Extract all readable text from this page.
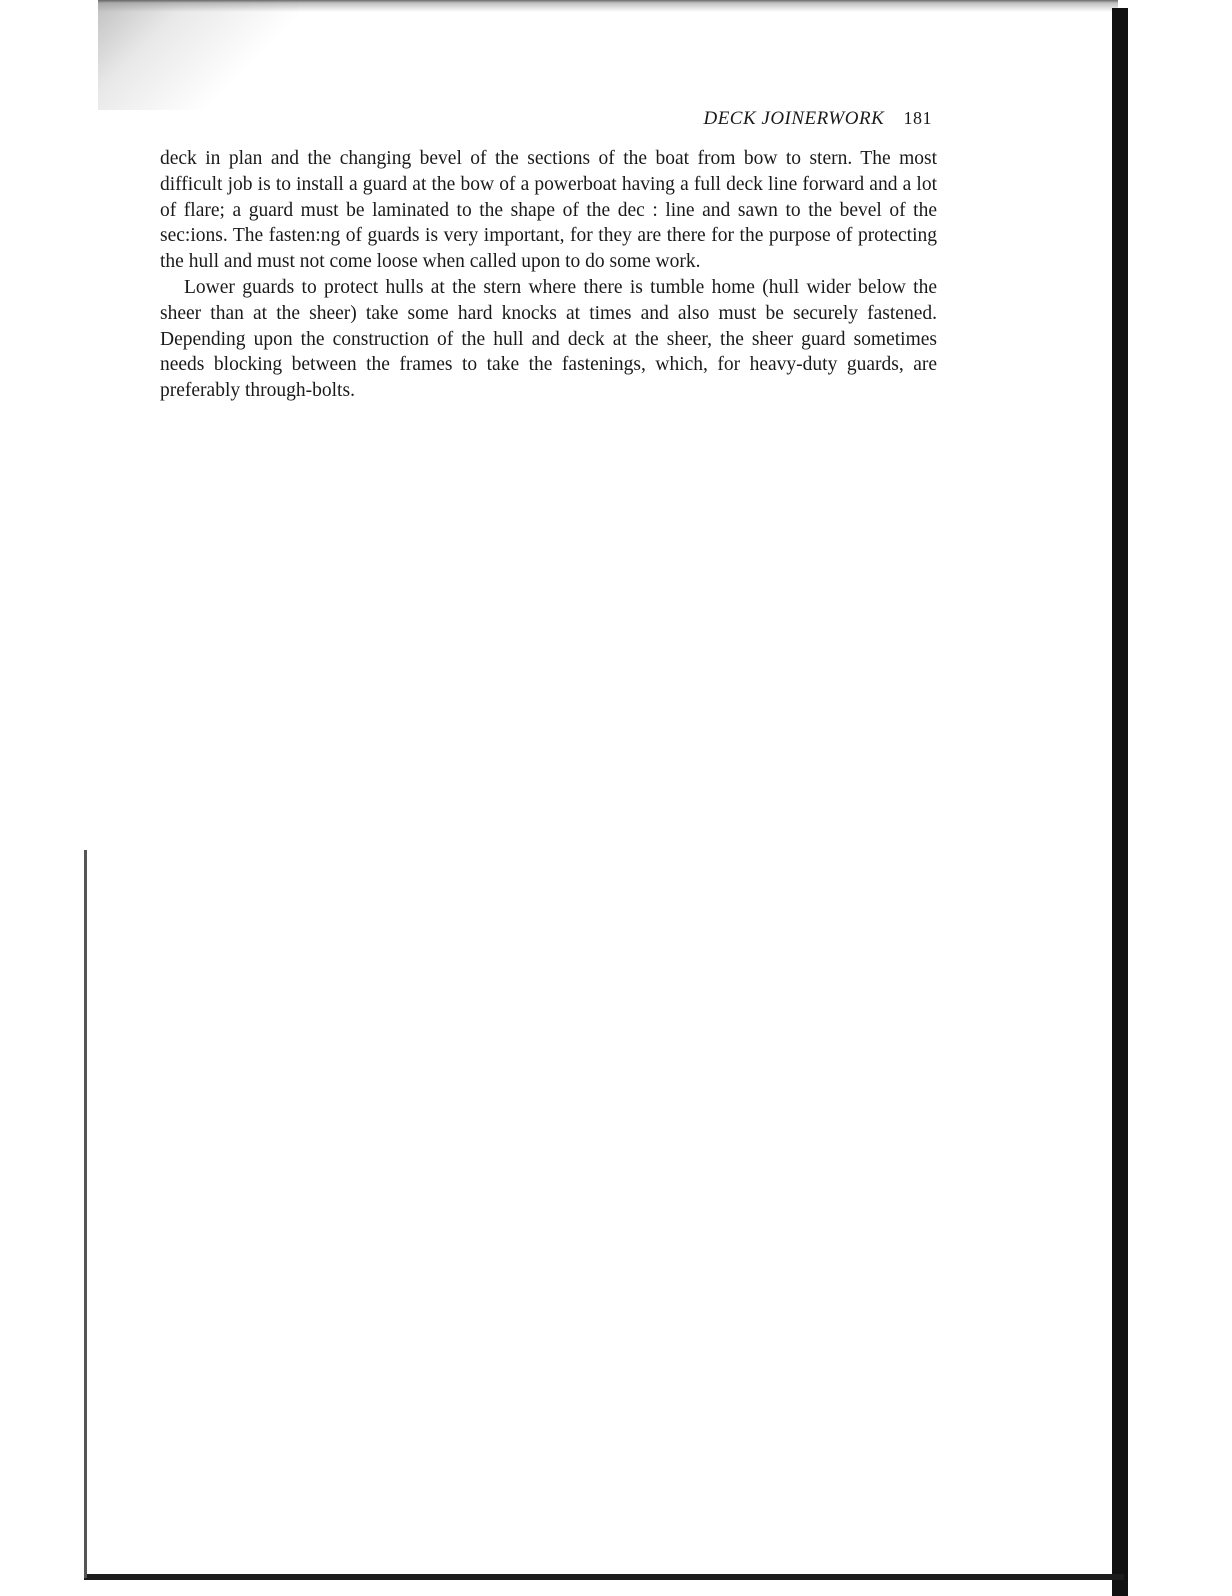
DECK JOINERWORK 181

deck in plan and the changing bevel of the sections of the boat from bow to stern. The most difficult job is to install a guard at the bow of a powerboat having a full deck line forward and a lot of flare; a guard must be laminated to the shape of the dec : line and sawn to the bevel of the sec:ions. The fasten:ng of guards is very important, for they are there for the purpose of protecting the hull and must not come loose when called upon to do some work.

Lower guards to protect hulls at the stern where there is tumble home (hull wider below the sheer than at the sheer) take some hard knocks at times and also must be securely fastened. Depending upon the construction of the hull and deck at the sheer, the sheer guard sometimes needs blocking between the frames to take the fastenings, which, for heavy-duty guards, are preferably through-bolts.
